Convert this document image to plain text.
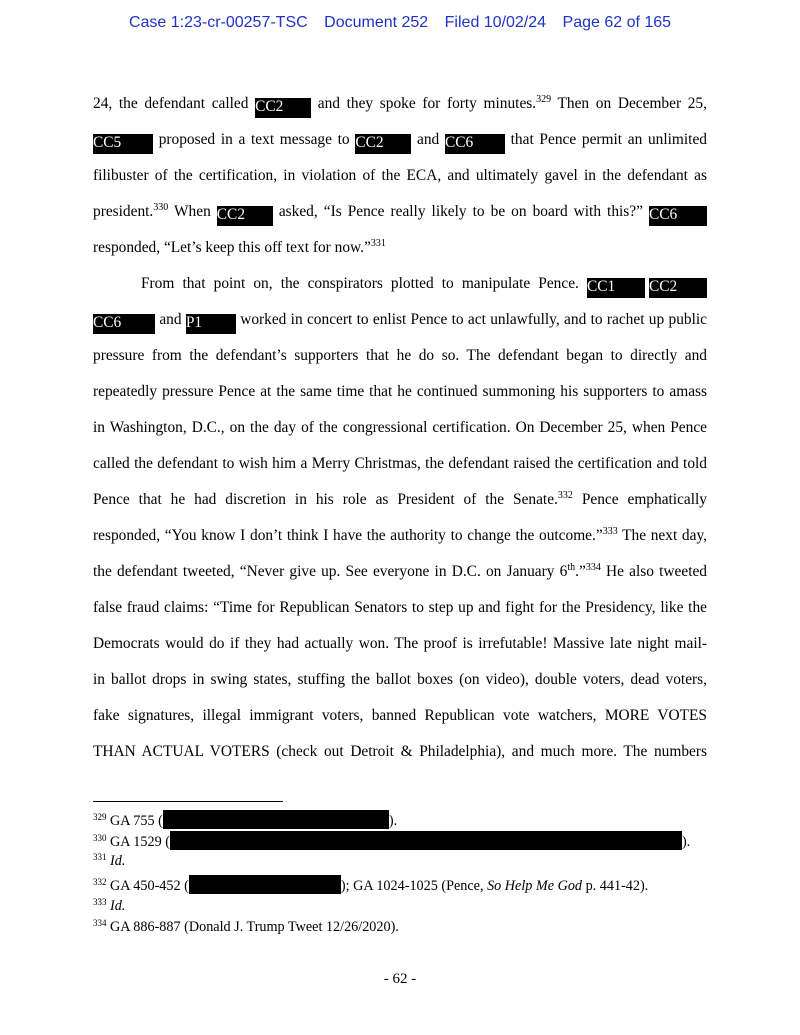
Case 1:23-cr-00257-TSC Document 252 Filed 10/02/24 Page 62 of 165
24, the defendant called CC2 and they spoke for forty minutes.$^{329}$ Then on December 25,
CC5 proposed in a text message to CC2 and CC6 that Pence permit an unlimited
filibuster of the certification, in violation of the ECA, and ultimately gavel in the defendant as
president.$^{330}$ When CC2 asked, “Is Pence really likely to be on board with this?” CC6
responded, “Let’s keep this off text for now.”$^{331}$
From that point on, the conspirators plotted to manipulate Pence. CC1 CC2
CC6 and P1 worked in concert to enlist Pence to act unlawfully, and to rachet up public
pressure from the defendant’s supporters that he do so. The defendant began to directly and
repeatedly pressure Pence at the same time that he continued summoning his supporters to amass
in Washington, D.C., on the day of the congressional certification. On December 25, when Pence
called the defendant to wish him a Merry Christmas, the defendant raised the certification and told
Pence that he had discretion in his role as President of the Senate.$^{332}$ Pence emphatically
responded, “You know I don’t think I have the authority to change the outcome.”$^{333}$ The next day,
the defendant tweeted, “Never give up. See everyone in D.C. on January 6th.”$^{334}$ He also tweeted
false fraud claims: “Time for Republican Senators to step up and fight for the Presidency, like the
Democrats would do if they had actually won. The proof is irrefutable! Massive late night mail-
in ballot drops in swing states, stuffing the ballot boxes (on video), double voters, dead voters,
fake signatures, illegal immigrant voters, banned Republican vote watchers, MORE VOTES
THAN ACTUAL VOTERS (check out Detroit & Philadelphia), and much more. The numbers
$^{329}$ GA 755 (	).
$^{330}$ GA 1529 (	).
$^{331}$ Id.
$^{332}$ GA 450-452 (	); GA 1024-1025 (Pence, So Help Me God p. 441-42).
$^{333}$ Id.
$^{334}$ GA 886-887 (Donald J. Trump Tweet 12/26/2020).
- 62 -
